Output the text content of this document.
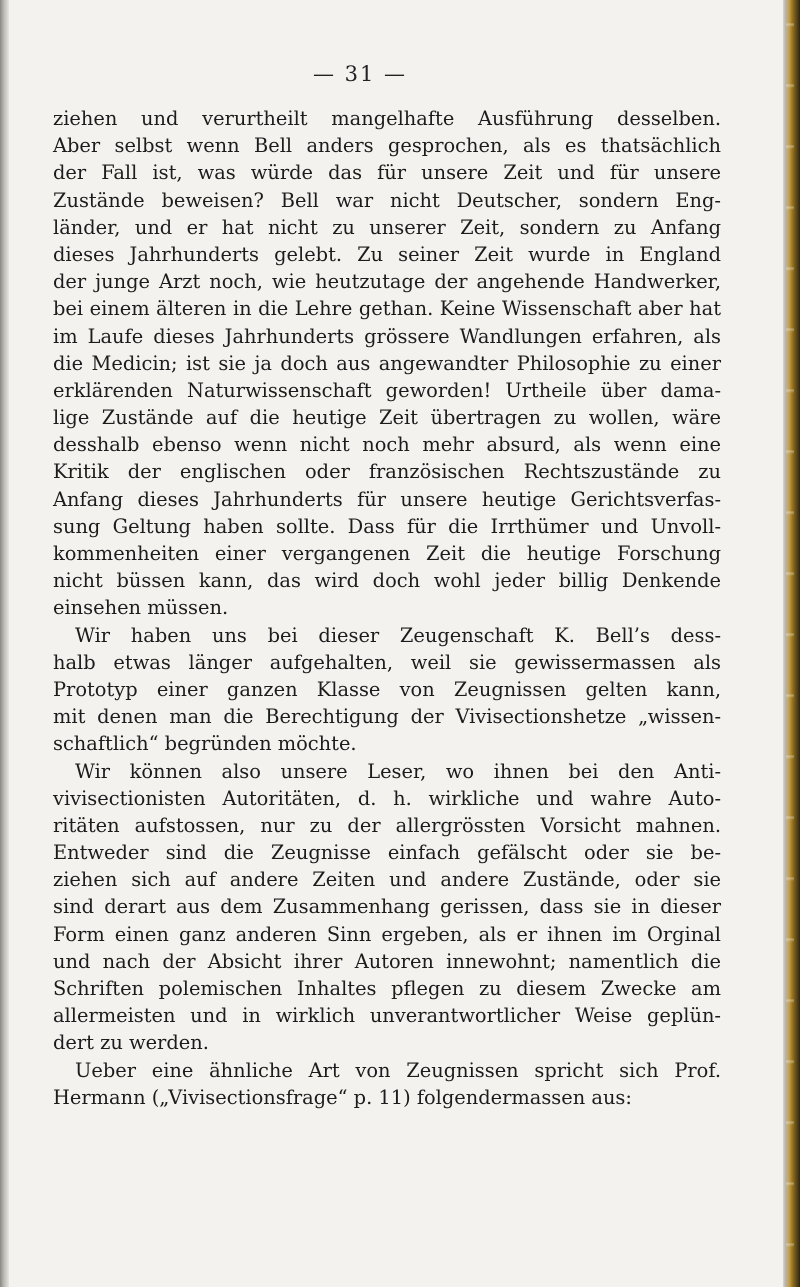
— 31 —
ziehen und verurtheilt mangelhafte Ausführung desselben.
Aber selbst wenn Bell anders gesprochen, als es thatsächlich
der Fall ist, was würde das für unsere Zeit und für unsere
Zustände beweisen? Bell war nicht Deutscher, sondern Eng-
länder, und er hat nicht zu unserer Zeit, sondern zu Anfang
dieses Jahrhunderts gelebt. Zu seiner Zeit wurde in England
der junge Arzt noch, wie heutzutage der angehende Handwerker,
bei einem älteren in die Lehre gethan. Keine Wissenschaft aber hat
im Laufe dieses Jahrhunderts grössere Wandlungen erfahren, als
die Medicin; ist sie ja doch aus angewandter Philosophie zu einer
erklärenden Naturwissenschaft geworden! Urtheile über dama-
lige Zustände auf die heutige Zeit übertragen zu wollen, wäre
desshalb ebenso wenn nicht noch mehr absurd, als wenn eine
Kritik der englischen oder französischen Rechtszustände zu
Anfang dieses Jahrhunderts für unsere heutige Gerichtsverfas-
sung Geltung haben sollte. Dass für die Irrthümer und Unvoll-
kommenheiten einer vergangenen Zeit die heutige Forschung
nicht büssen kann, das wird doch wohl jeder billig Denkende
einsehen müssen.
Wir haben uns bei dieser Zeugenschaft K. Bell’s dess-
halb etwas länger aufgehalten, weil sie gewissermassen als
Prototyp einer ganzen Klasse von Zeugnissen gelten kann,
mit denen man die Berechtigung der Vivisectionshetze „wissen-
schaftlich“ begründen möchte.
Wir können also unsere Leser, wo ihnen bei den Anti-
vivisectionisten Autoritäten, d. h. wirkliche und wahre Auto-
ritäten aufstossen, nur zu der allergrössten Vorsicht mahnen.
Entweder sind die Zeugnisse einfach gefälscht oder sie be-
ziehen sich auf andere Zeiten und andere Zustände, oder sie
sind derart aus dem Zusammenhang gerissen, dass sie in dieser
Form einen ganz anderen Sinn ergeben, als er ihnen im Orginal
und nach der Absicht ihrer Autoren innewohnt; namentlich die
Schriften polemischen Inhaltes pflegen zu diesem Zwecke am
allermeisten und in wirklich unverantwortlicher Weise geplün-
dert zu werden.
Ueber eine ähnliche Art von Zeugnissen spricht sich Prof.
Hermann („Vivisectionsfrage“ p. 11) folgendermassen aus:
